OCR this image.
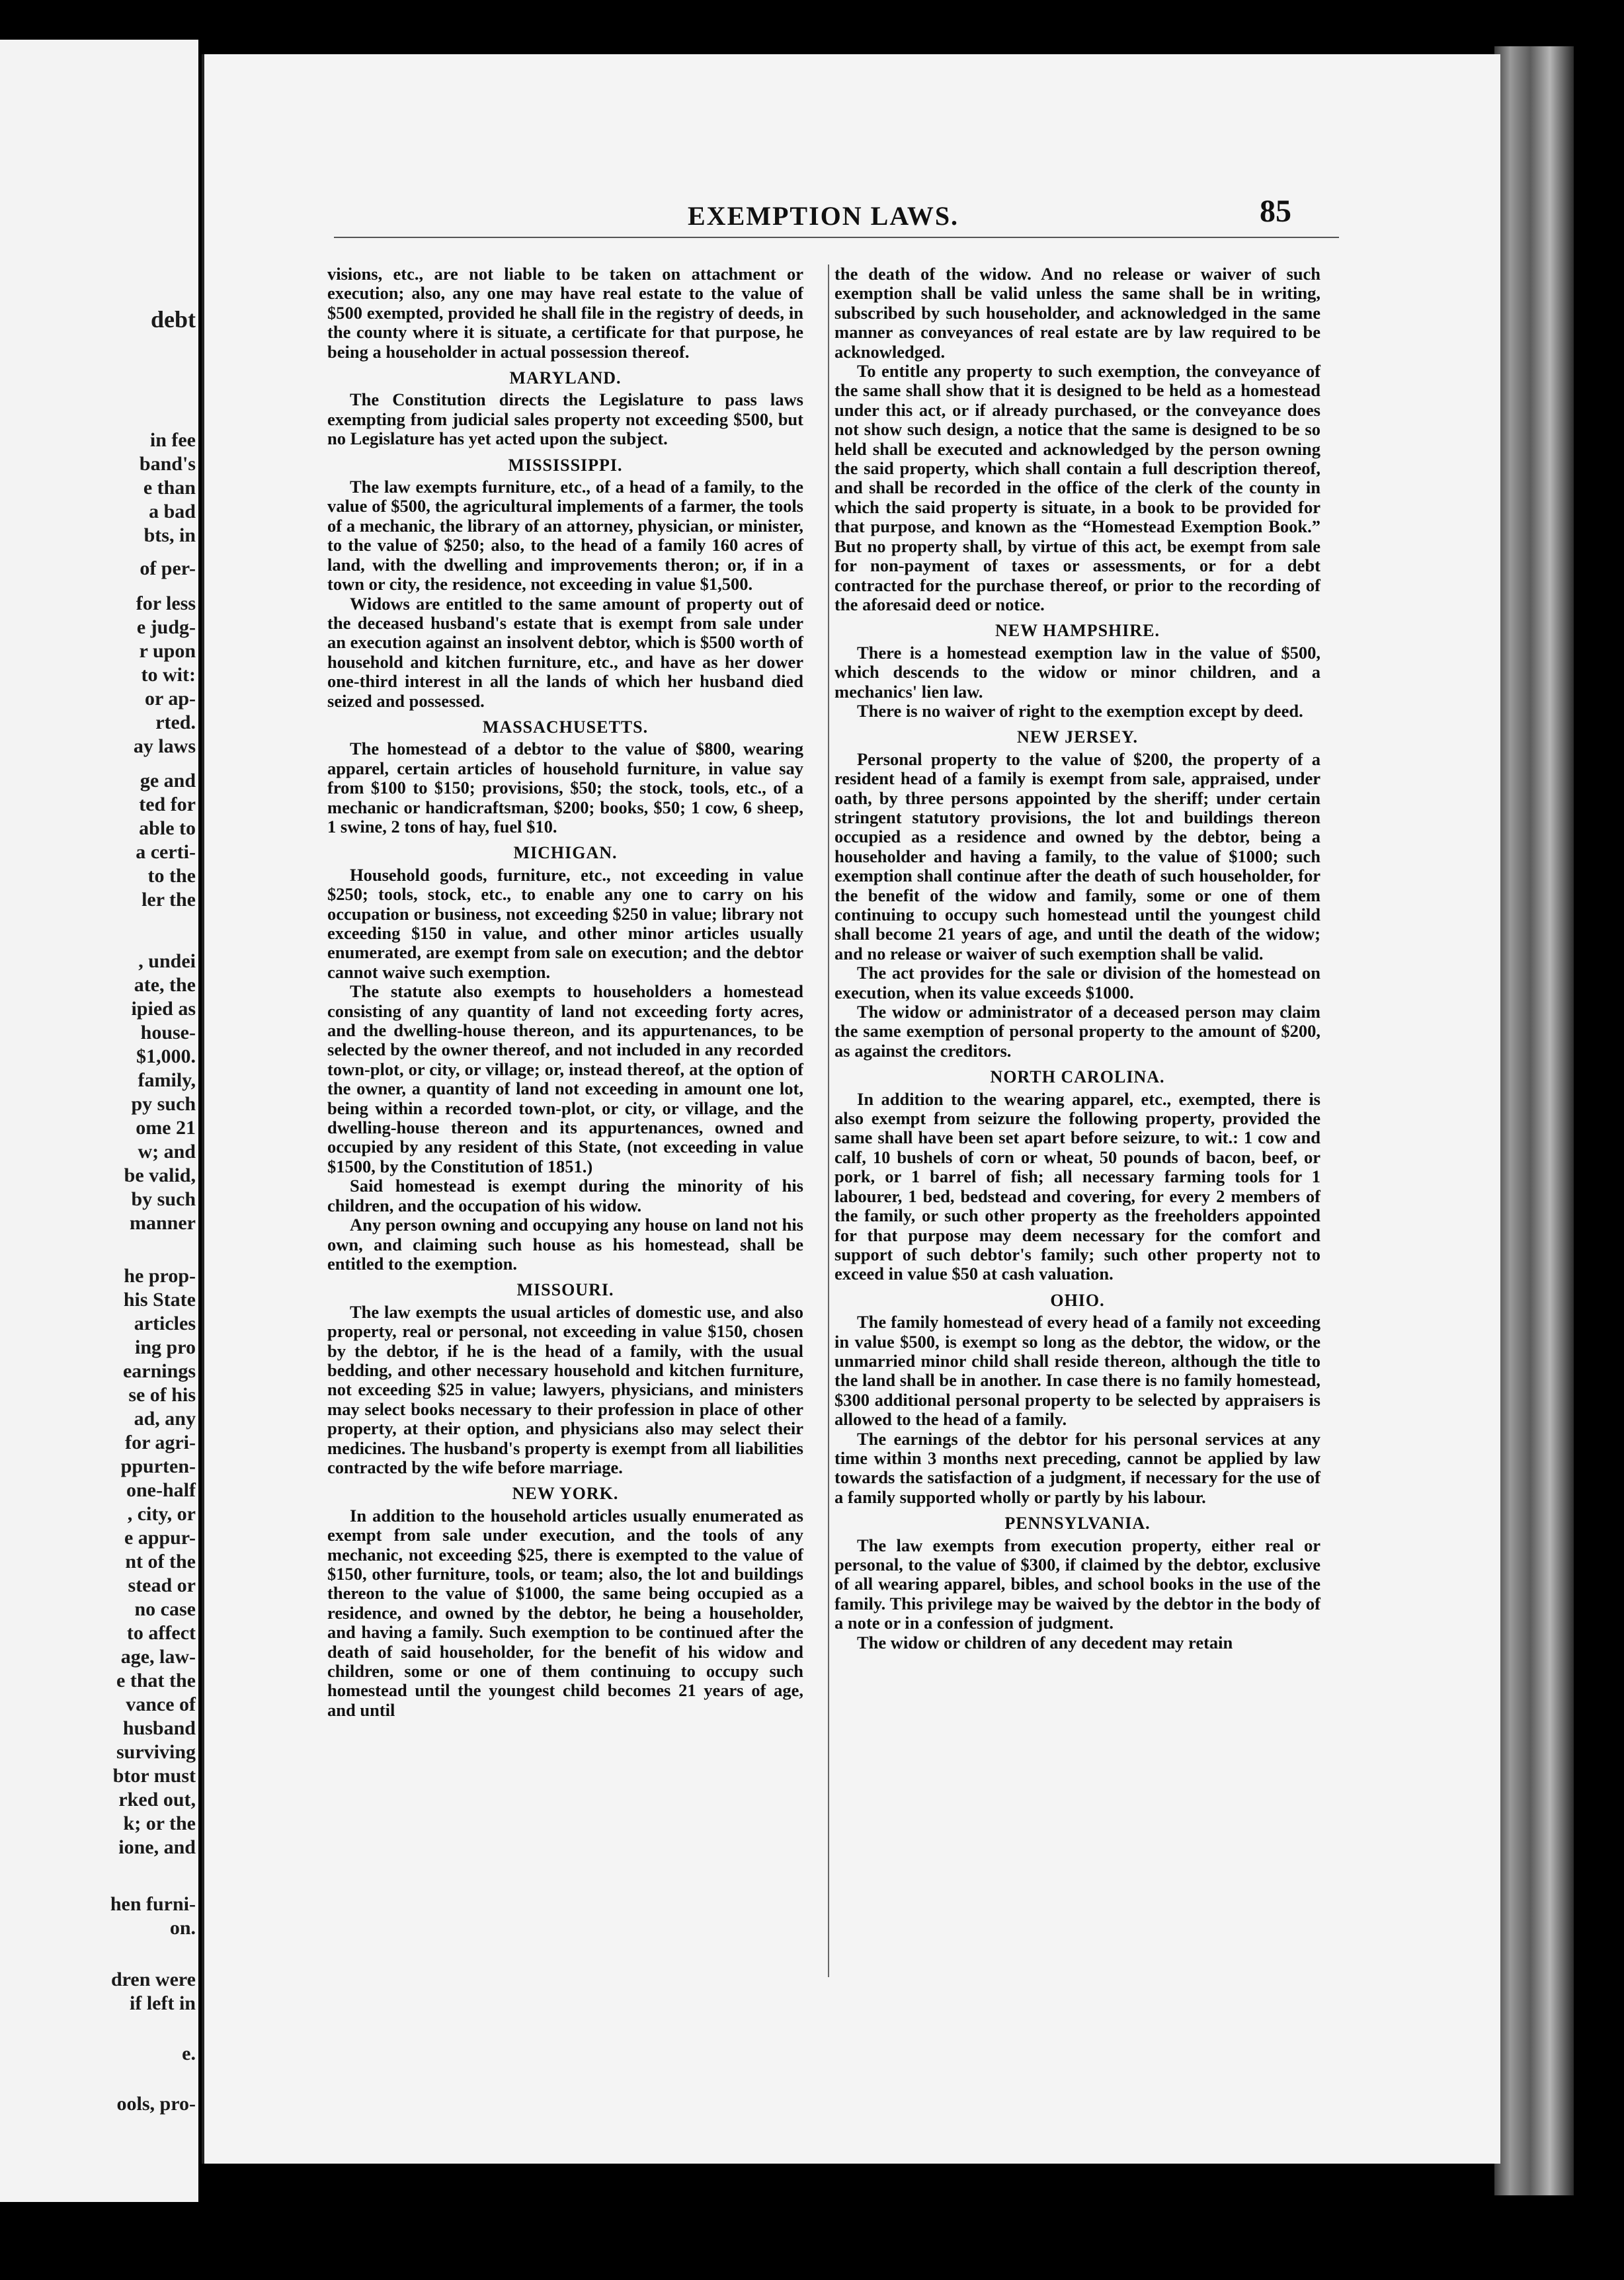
debt
in fee
band's
e than
a bad
bts, in
of per-
for less
e judg-
r upon
to wit:
or ap-
rted.
ay laws
ge and
ted for
able to
a certi-
to the
ler the
, undei
ate, the
ipied as
house-
$1,000.
family,
py such
ome 21
w; and
be valid,
by such
manner
he prop-
his State
articles
ing pro
earnings
se of his
ad, any
for agri-
ppurten-
one-half
, city, or
e appur-
nt of the
stead or
no case
to affect
age, law-
e that the
vance of
husband
surviving
btor must
rked out,
k; or the
ione, and
hen furni-
on.
dren were
if left in
e.
ools, pro-
EXEMPTION LAWS.	85

visions, etc., are not liable to be taken on attachment or execution; also, any one may have real estate to the value of $500 exempted, provided he shall file in the registry of deeds, in the county where it is situate, a certificate for that purpose, he being a householder in actual possession thereof.

MARYLAND.

The Constitution directs the Legislature to pass laws exempting from judicial sales property not exceeding $500, but no Legislature has yet acted upon the subject.

MISSISSIPPI.

The law exempts furniture, etc., of a head of a family, to the value of $500, the agricultural implements of a farmer, the tools of a mechanic, the library of an attorney, physician, or minister, to the value of $250; also, to the head of a family 160 acres of land, with the dwelling and improvements theron; or, if in a town or city, the residence, not exceeding in value $1,500.

Widows are entitled to the same amount of property out of the deceased husband's estate that is exempt from sale under an execution against an insolvent debtor, which is $500 worth of household and kitchen furniture, etc., and have as her dower one-third interest in all the lands of which her husband died seized and possessed.

MASSACHUSETTS.

The homestead of a debtor to the value of $800, wearing apparel, certain articles of household furniture, in value say from $100 to $150; provisions, $50; the stock, tools, etc., of a mechanic or handicraftsman, $200; books, $50; 1 cow, 6 sheep, 1 swine, 2 tons of hay, fuel $10.

MICHIGAN.

Household goods, furniture, etc., not exceeding in value $250; tools, stock, etc., to enable any one to carry on his occupation or business, not exceeding $250 in value; library not exceeding $150 in value, and other minor articles usually enumerated, are exempt from sale on execution; and the debtor cannot waive such exemption.

The statute also exempts to householders a homestead consisting of any quantity of land not exceeding forty acres, and the dwelling-house thereon, and its appurtenances, to be selected by the owner thereof, and not included in any recorded town-plot, or city, or village; or, instead thereof, at the option of the owner, a quantity of land not exceeding in amount one lot, being within a recorded town-plot, or city, or village, and the dwelling-house thereon and its appurtenances, owned and occupied by any resident of this State, (not exceeding in value $1500, by the Constitution of 1851.)

Said homestead is exempt during the minority of his children, and the occupation of his widow.

Any person owning and occupying any house on land not his own, and claiming such house as his homestead, shall be entitled to the exemption.

MISSOURI.

The law exempts the usual articles of domestic use, and also property, real or personal, not exceeding in value $150, chosen by the debtor, if he is the head of a family, with the usual bedding, and other necessary household and kitchen furniture, not exceeding $25 in value; lawyers, physicians, and ministers may select books necessary to their profession in place of other property, at their option, and physicians also may select their medicines. The husband's property is exempt from all liabilities contracted by the wife before marriage.

NEW YORK.

In addition to the household articles usually enumerated as exempt from sale under execution, and the tools of any mechanic, not exceeding $25, there is exempted to the value of $150, other furniture, tools, or team; also, the lot and buildings thereon to the value of $1000, the same being occupied as a residence, and owned by the debtor, he being a householder, and having a family. Such exemption to be continued after the death of said householder, for the benefit of his widow and children, some or one of them continuing to occupy such homestead until the youngest child becomes 21 years of age, and until

the death of the widow. And no release or waiver of such exemption shall be valid unless the same shall be in writing, subscribed by such householder, and acknowledged in the same manner as conveyances of real estate are by law required to be acknowledged.

To entitle any property to such exemption, the conveyance of the same shall show that it is designed to be held as a homestead under this act, or if already purchased, or the conveyance does not show such design, a notice that the same is designed to be so held shall be executed and acknowledged by the person owning the said property, which shall contain a full description thereof, and shall be recorded in the office of the clerk of the county in which the said property is situate, in a book to be provided for that purpose, and known as the “Homestead Exemption Book.” But no property shall, by virtue of this act, be exempt from sale for non-payment of taxes or assessments, or for a debt contracted for the purchase thereof, or prior to the recording of the aforesaid deed or notice.

NEW HAMPSHIRE.

There is a homestead exemption law in the value of $500, which descends to the widow or minor children, and a mechanics' lien law.

There is no waiver of right to the exemption except by deed.

NEW JERSEY.

Personal property to the value of $200, the property of a resident head of a family is exempt from sale, appraised, under oath, by three persons appointed by the sheriff; under certain stringent statutory provisions, the lot and buildings thereon occupied as a residence and owned by the debtor, being a householder and having a family, to the value of $1000; such exemption shall continue after the death of such householder, for the benefit of the widow and family, some or one of them continuing to occupy such homestead until the youngest child shall become 21 years of age, and until the death of the widow; and no release or waiver of such exemption shall be valid.

The act provides for the sale or division of the homestead on execution, when its value exceeds $1000.

The widow or administrator of a deceased person may claim the same exemption of personal property to the amount of $200, as against the creditors.

NORTH CAROLINA.

In addition to the wearing apparel, etc., exempted, there is also exempt from seizure the following property, provided the same shall have been set apart before seizure, to wit.: 1 cow and calf, 10 bushels of corn or wheat, 50 pounds of bacon, beef, or pork, or 1 barrel of fish; all necessary farming tools for 1 labourer, 1 bed, bedstead and covering, for every 2 members of the family, or such other property as the freeholders appointed for that purpose may deem necessary for the comfort and support of such debtor's family; such other property not to exceed in value $50 at cash valuation.

OHIO.

The family homestead of every head of a family not exceeding in value $500, is exempt so long as the debtor, the widow, or the unmarried minor child shall reside thereon, although the title to the land shall be in another. In case there is no family homestead, $300 additional personal property to be selected by appraisers is allowed to the head of a family.

The earnings of the debtor for his personal services at any time within 3 months next preceding, cannot be applied by law towards the satisfaction of a judgment, if necessary for the use of a family supported wholly or partly by his labour.

PENNSYLVANIA.

The law exempts from execution property, either real or personal, to the value of $300, if claimed by the debtor, exclusive of all wearing apparel, bibles, and school books in the use of the family. This privilege may be waived by the debtor in the body of a note or in a confession of judgment.

The widow or children of any decedent may retain
